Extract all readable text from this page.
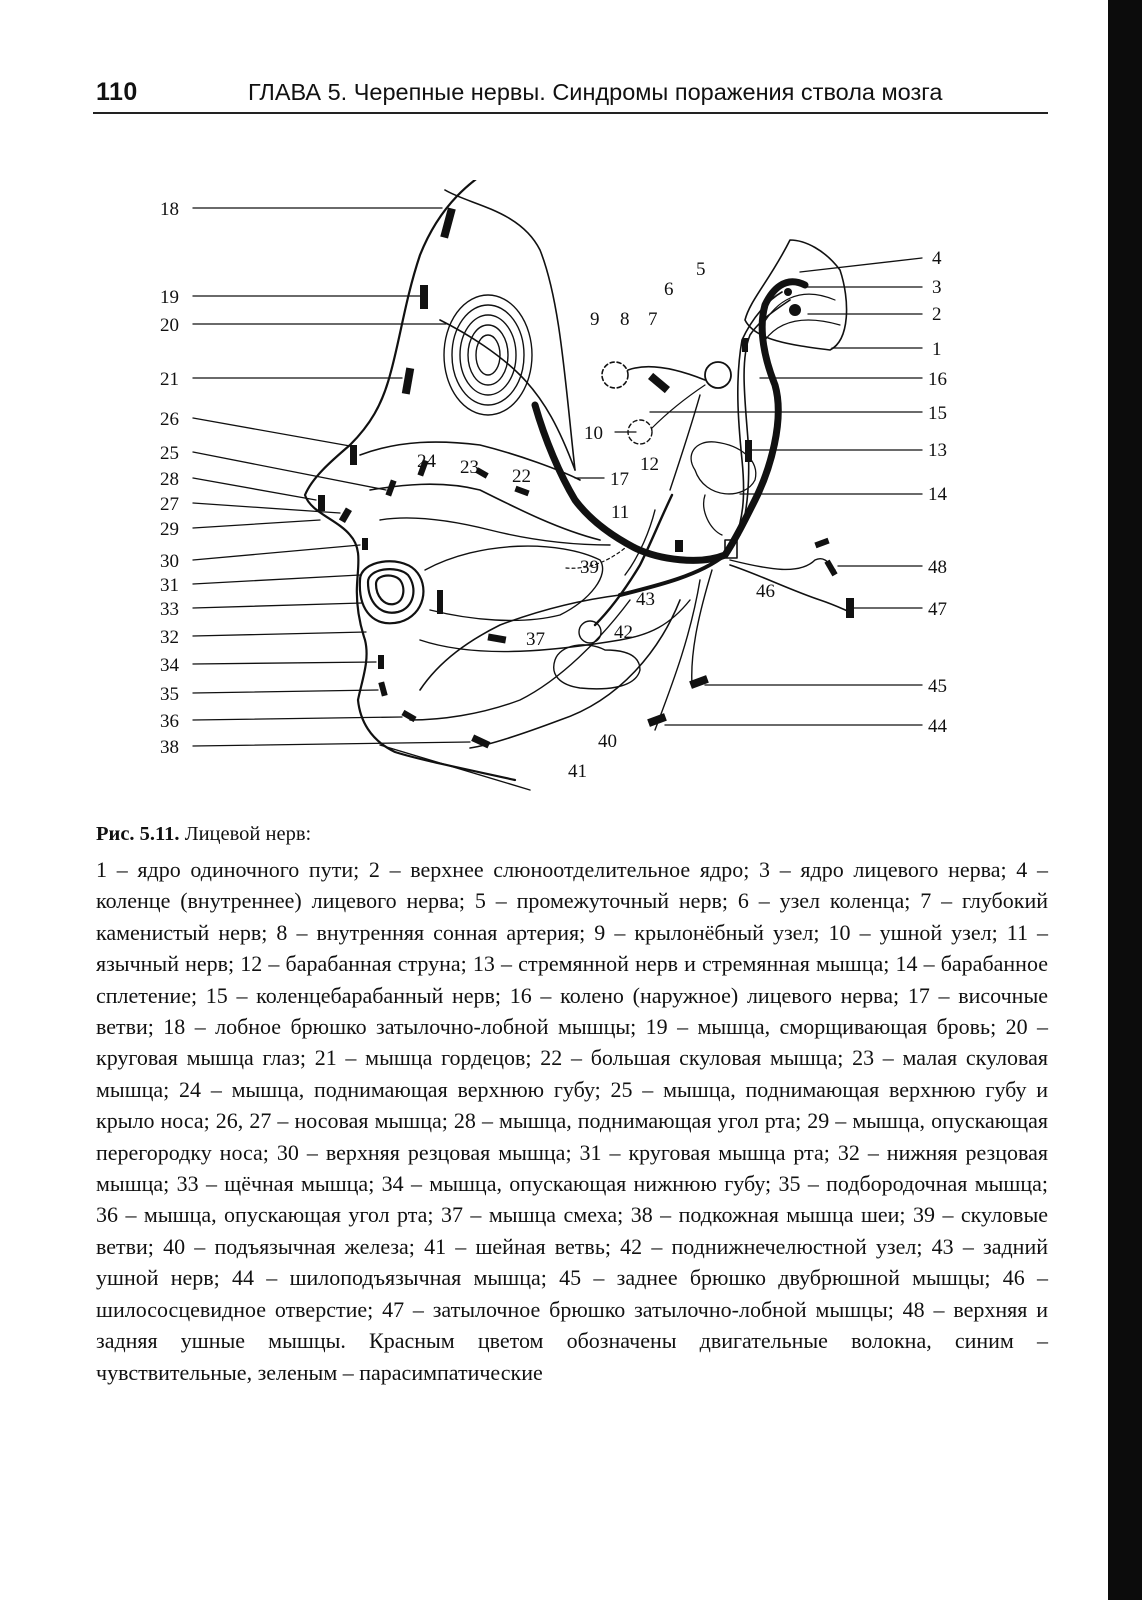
110	ГЛАВА 5. Черепные нервы. Синдромы поражения ствола мозга
18
19
20
21
26
25
28
27
29
30
31
33
32
34
35
36
38
4
3
2
1
16
15
13
14
48
47
45
44
5
6
9 8 7
10
12
17
11
24 23 22
39
43	46
42
37
40
41

Рис. 5.11. Лицевой нерв:

1 – ядро одиночного пути; 2 – верхнее слюноотделительное ядро; 3 – ядро лицевого нерва; 4 – коленце (внутреннее) лицевого нерва; 5 – промежуточный нерв; 6 – узел коленца; 7 – глубокий каменистый нерв; 8 – внутренняя сонная артерия; 9 – крылонёбный узел; 10 – ушной узел; 11 – язычный нерв; 12 – барабанная струна; 13 – стремянной нерв и стремянная мышца; 14 – барабанное сплетение; 15 – коленцебарабанный нерв; 16 – колено (наружное) лицевого нерва; 17 – височные ветви; 18 – лобное брюшко затылочно-лобной мышцы; 19 – мышца, сморщивающая бровь; 20 – круговая мышца глаз; 21 – мышца гордецов; 22 – большая скуловая мышца; 23 – малая скуловая мышца; 24 – мышца, поднимающая верхнюю губу; 25 – мышца, поднимающая верхнюю губу и крыло носа; 26, 27 – носовая мышца; 28 – мышца, поднимающая угол рта; 29 – мышца, опускающая перегородку носа; 30 – верхняя резцовая мышца; 31 – круговая мышца рта; 32 – нижняя резцовая мышца; 33 – щёчная мышца; 34 – мышца, опускающая нижнюю губу; 35 – подбородочная мышца; 36 – мышца, опускающая угол рта; 37 – мышца смеха; 38 – подкожная мышца шеи; 39 – скуловые ветви; 40 – подъязычная железа; 41 – шейная ветвь; 42 – поднижнечелюстной узел; 43 – задний ушной нерв; 44 – шилоподъязычная мышца; 45 – заднее брюшко двубрюшной мышцы; 46 – шилососцевидное отверстие; 47 – затылочное брюшко затылочно-лобной мышцы; 48 – верхняя и задняя ушные мышцы. Красным цветом обозначены двигательные волокна, синим – чувствительные, зеленым – парасимпатические
